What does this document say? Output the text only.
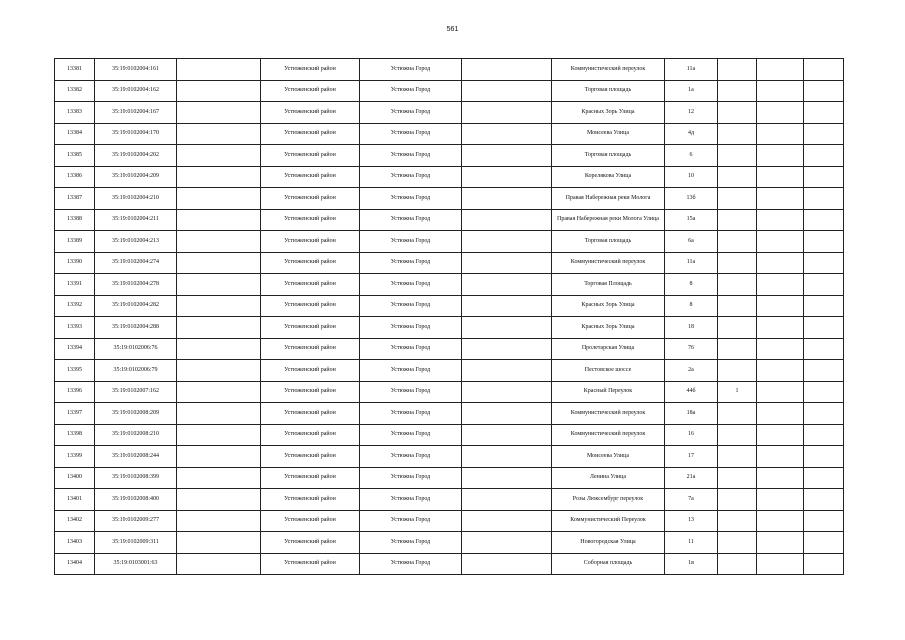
561
13381	35:19:0102004:161		Устюженский район	Устюжна Город		Коммунистический переулок	11а			
13382	35:19:0102004:162		Устюженский район	Устюжна Город		Торговая площадь	1а			
13383	35:19:0102004:167		Устюженский район	Устюжна Город		Красных Зорь Улица	12			
13384	35:19:0102004:170		Устюженский район	Устюжна Город		Моисеева Улица	4д			
13385	35:19:0102004:202		Устюженский район	Устюжна Город		Торговая площадь	6			
13386	35:19:0102004:209		Устюженский район	Устюжна Город		Корелякова Улица	10			
13387	35:19:0102004:210		Устюженский район	Устюжна Город		Правая Набережная реки Молога	13б			
13388	35:19:0102004:211		Устюженский район	Устюжна Город		Правая Набережная реки Молога Улица	15а			
13389	35:19:0102004:213		Устюженский район	Устюжна Город		Торговая площадь	6а			
13390	35:19:0102004:274		Устюженский район	Устюжна Город		Коммунистический переулок	11а			
13391	35:19:0102004:278		Устюженский район	Устюжна Город		Торговая Площадь	8			
13392	35:19:0102004:282		Устюженский район	Устюжна Город		Красных Зорь Улица	8			
13393	35:19:0102004:288		Устюженский район	Устюжна Город		Красных Зорь Улица	18			
13394	35:19:0102006:76		Устюженский район	Устюжна Город		Пролетарская Улица	76			
13395	35:19:0102006:79		Устюженский район	Устюжна Город		Пестовское шоссе	2а			
13396	35:19:0102007:162		Устюженский район	Устюжна Город		Красный Переулок	44б	1		
13397	35:19:0102008:209		Устюженский район	Устюжна Город		Коммунистический переулок	18а			
13398	35:19:0102008:210		Устюженский район	Устюжна Город		Коммунистический переулок	16			
13399	35:19:0102008:244		Устюженский район	Устюжна Город		Моисеева Улица	17			
13400	35:19:0102008:399		Устюженский район	Устюжна Город		Ленина Улица	21а			
13401	35:19:0102008:400		Устюженский район	Устюжна Город		Розы Люксембург переулок	7а			
13402	35:19:0102009:277		Устюженский район	Устюжна Город		Коммунистический Переулок	13			
13403	35:19:0102009:311		Устюженский район	Устюжна Город		Новогородская Улица	11			
13404	35:19:0103001:63		Устюженский район	Устюжна Город		Соборная площадь	1в			
